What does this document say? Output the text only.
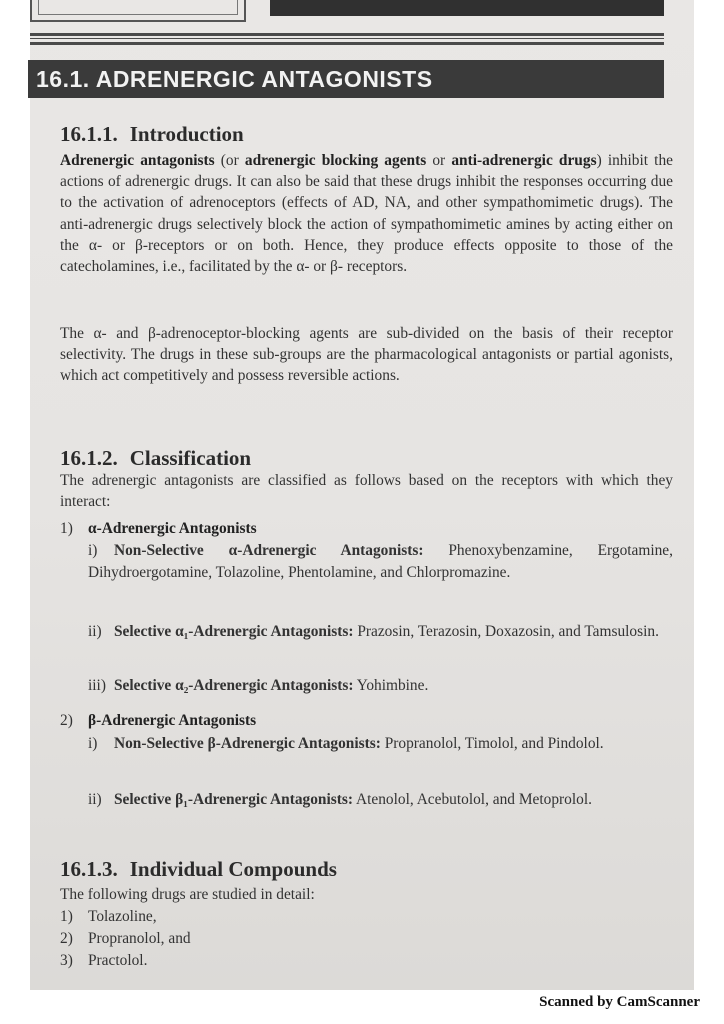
16.1. ADRENERGIC ANTAGONISTS
16.1.1. Introduction
Adrenergic antagonists (or adrenergic blocking agents or anti-adrenergic drugs) inhibit the actions of adrenergic drugs. It can also be said that these drugs inhibit the responses occurring due to the activation of adrenoceptors (effects of AD, NA, and other sympathomimetic drugs). The anti-adrenergic drugs selectively block the action of sympathomimetic amines by acting either on the α- or β-receptors or on both. Hence, they produce effects opposite to those of the catecholamines, i.e., facilitated by the α- or β- receptors.
The α- and β-adrenoceptor-blocking agents are sub-divided on the basis of their receptor selectivity. The drugs in these sub-groups are the pharmacological antagonists or partial agonists, which act competitively and possess reversible actions.
16.1.2. Classification
The adrenergic antagonists are classified as follows based on the receptors with which they interact:
1) α-Adrenergic Antagonists
i) Non-Selective α-Adrenergic Antagonists: Phenoxybenzamine, Ergotamine, Dihydroergotamine, Tolazoline, Phentolamine, and Chlorpromazine.
ii) Selective α₁-Adrenergic Antagonists: Prazosin, Terazosin, Doxazosin, and Tamsulosin.
iii) Selective α₂-Adrenergic Antagonists: Yohimbine.
2) β-Adrenergic Antagonists
i) Non-Selective β-Adrenergic Antagonists: Propranolol, Timolol, and Pindolol.
ii) Selective β₁-Adrenergic Antagonists: Atenolol, Acebutolol, and Metoprolol.
16.1.3. Individual Compounds
The following drugs are studied in detail:
1) Tolazoline,
2) Propranolol, and
3) Practolol.
Scanned by CamScanner
